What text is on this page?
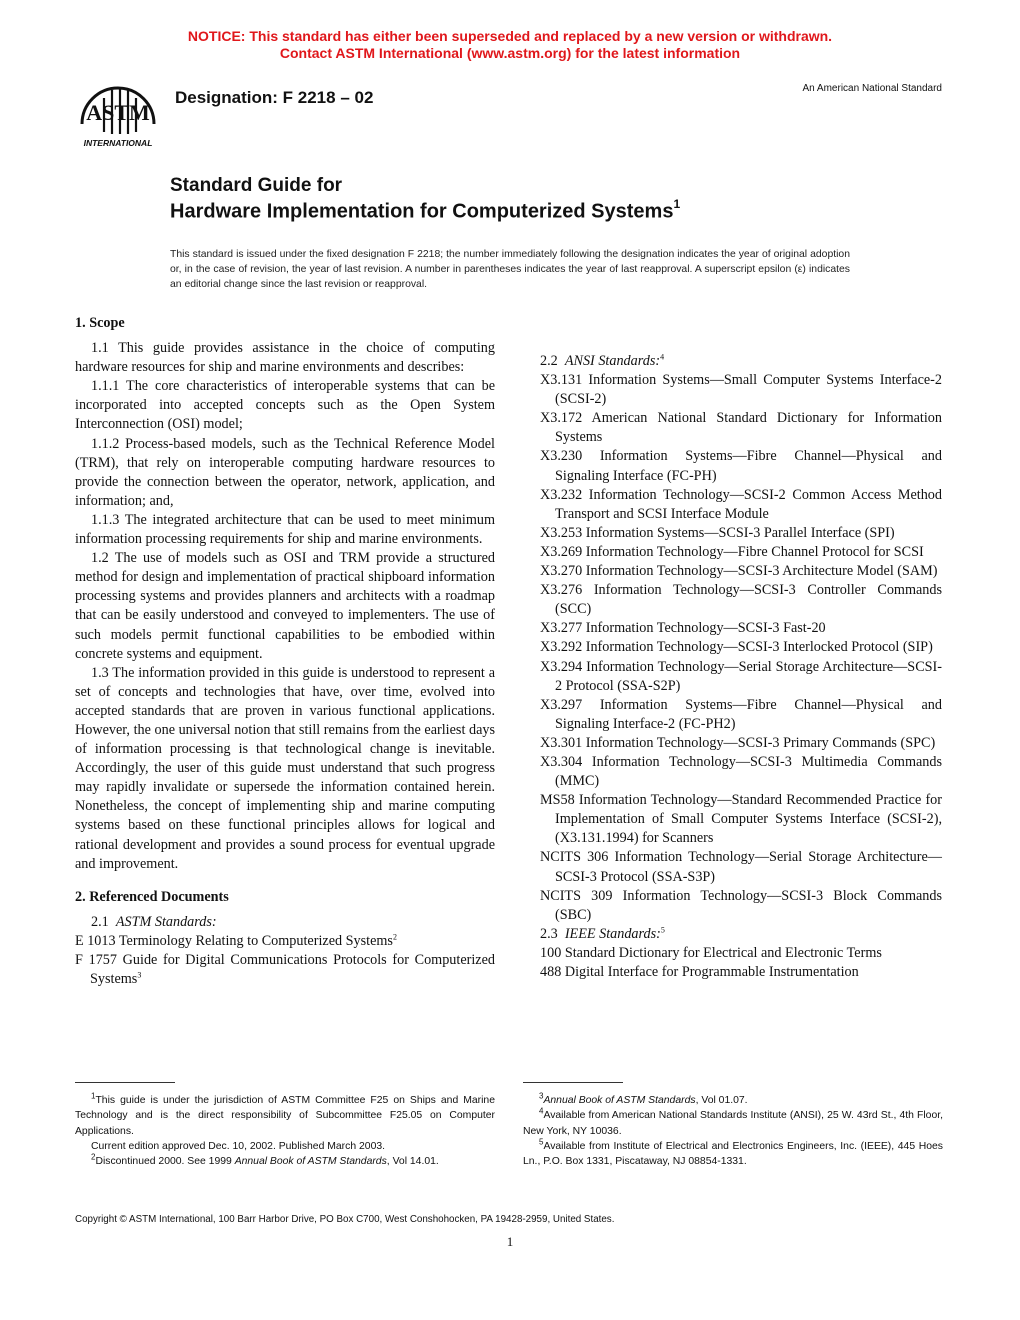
NOTICE: This standard has either been superseded and replaced by a new version or withdrawn.
Contact ASTM International (www.astm.org) for the latest information
ASTM
INTERNATIONAL
Designation: F 2218 – 02	An American National Standard
Standard Guide for
Hardware Implementation for Computerized Systems$^1$
This standard is issued under the fixed designation F 2218; the number immediately following the designation indicates the year of original adoption or, in the case of revision, the year of last revision. A number in parentheses indicates the year of last reapproval. A superscript epsilon (ε) indicates an editorial change since the last revision or reapproval.

1. Scope

1.1 This guide provides assistance in the choice of computing hardware resources for ship and marine environments and describes:

1.1.1 The core characteristics of interoperable systems that can be incorporated into accepted concepts such as the Open System Interconnection (OSI) model;

1.1.2 Process-based models, such as the Technical Reference Model (TRM), that rely on interoperable computing hardware resources to provide the connection between the operator, network, application, and information; and,

1.1.3 The integrated architecture that can be used to meet minimum information processing requirements for ship and marine environments.

1.2 The use of models such as OSI and TRM provide a structured method for design and implementation of practical shipboard information processing systems and provides planners and architects with a roadmap that can be easily understood and conveyed to implementers. The use of such models permit functional capabilities to be embodied within concrete systems and equipment.

1.3 The information provided in this guide is understood to represent a set of concepts and technologies that have, over time, evolved into accepted standards that are proven in various functional applications. However, the one universal notion that still remains from the earliest days of information processing is that technological change is inevitable. Accordingly, the user of this guide must understand that such progress may rapidly invalidate or supersede the information contained herein. Nonetheless, the concept of implementing ship and marine computing systems based on these functional principles allows for logical and rational development and provides a sound process for eventual upgrade and improvement.

2. Referenced Documents

2.1 ASTM Standards:

E 1013 Terminology Relating to Computerized Systems$^2$

F 1757 Guide for Digital Communications Protocols for Computerized Systems$^3$

2.2 ANSI Standards:$^4$

X3.131 Information Systems—Small Computer Systems Interface-2 (SCSI-2)

X3.172 American National Standard Dictionary for Information Systems

X3.230 Information Systems—Fibre Channel—Physical and Signaling Interface (FC-PH)

X3.232 Information Technology—SCSI-2 Common Access Method Transport and SCSI Interface Module

X3.253 Information Systems—SCSI-3 Parallel Interface (SPI)

X3.269 Information Technology—Fibre Channel Protocol for SCSI

X3.270 Information Technology—SCSI-3 Architecture Model (SAM)

X3.276 Information Technology—SCSI-3 Controller Commands (SCC)

X3.277 Information Technology—SCSI-3 Fast-20

X3.292 Information Technology—SCSI-3 Interlocked Protocol (SIP)

X3.294 Information Technology—Serial Storage Architecture—SCSI-2 Protocol (SSA-S2P)

X3.297 Information Systems—Fibre Channel—Physical and Signaling Interface-2 (FC-PH2)

X3.301 Information Technology—SCSI-3 Primary Commands (SPC)

X3.304 Information Technology—SCSI-3 Multimedia Commands (MMC)

MS58 Information Technology—Standard Recommended Practice for Implementation of Small Computer Systems Interface (SCSI-2), (X3.131.1994) for Scanners

NCITS 306 Information Technology—Serial Storage Architecture—SCSI-3 Protocol (SSA-S3P)

NCITS 309 Information Technology—SCSI-3 Block Commands (SBC)

2.3 IEEE Standards:$^5$

100 Standard Dictionary for Electrical and Electronic Terms

488 Digital Interface for Programmable Instrumentation

$^1$This guide is under the jurisdiction of ASTM Committee F25 on Ships and Marine Technology and is the direct responsibility of Subcommittee F25.05 on Computer Applications.

Current edition approved Dec. 10, 2002. Published March 2003.

$^2$Discontinued 2000. See 1999 Annual Book of ASTM Standards, Vol 14.01.

$^3$Annual Book of ASTM Standards, Vol 01.07.

$^4$Available from American National Standards Institute (ANSI), 25 W. 43rd St., 4th Floor, New York, NY 10036.

$^5$Available from Institute of Electrical and Electronics Engineers, Inc. (IEEE), 445 Hoes Ln., P.O. Box 1331, Piscataway, NJ 08854-1331.

Copyright © ASTM International, 100 Barr Harbor Drive, PO Box C700, West Conshohocken, PA 19428-2959, United States.
1
